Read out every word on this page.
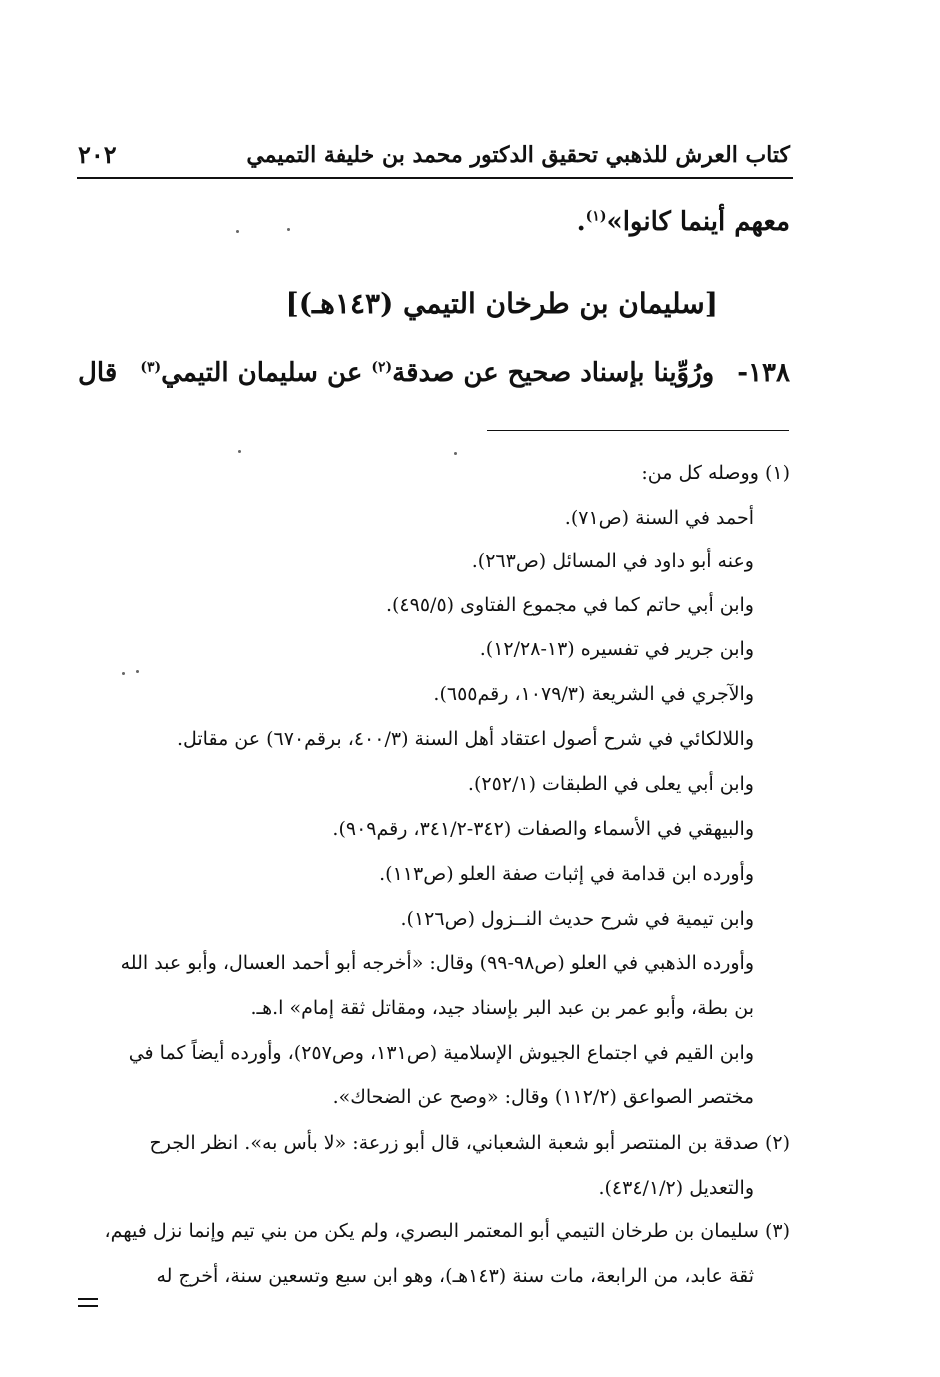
كتاب العرش للذهبي تحقيق الدكتور محمد بن خليفة التميمي
٢٠٢
معهم أينما كانوا»$^{(١)}$.
[سليمان بن طرخان التيمي (١٤٣هـ)]
١٣٨- ورُوِّينا بإسناد صحيح عن صدقة$^{(٢)}$ عن سليمان التيمي$^{(٣)}$
قال
(١) ووصله كل من:
أحمد في السنة (ص٧١).
وعنه أبو داود في المسائل (ص٢٦٣).
وابن أبي حاتم كما في مجموع الفتاوى (٤٩٥/٥).
وابن جرير في تفسيره (١٣-١٢/٢٨).
والآجري في الشريعة (١٠٧٩/٣، رقم٦٥٥).
واللالكائي في شرح أصول اعتقاد أهل السنة (٤٠٠/٣، برقم٦٧٠) عن مقاتل.
وابن أبي يعلى في الطبقات (٢٥٢/١).
والبيهقي في الأسماء والصفات (٣٤٢-٣٤١/٢، رقم٩٠٩).
وأورده ابن قدامة في إثبات صفة العلو (ص١١٣).
وابن تيمية في شرح حديث النــزول (ص١٢٦).
وأورده الذهبي في العلو (ص٩٨-٩٩) وقال: «أخرجه أبو أحمد العسال، وأبو عبد الله
بن بطة، وأبو عمر بن عبد البر بإسناد جيد، ومقاتل ثقة إمام» ا.هـ.
وابن القيم في اجتماع الجيوش الإسلامية (ص١٣١، وص٢٥٧)، وأورده أيضاً كما في
مختصر الصواعق (١١٢/٢) وقال: «وصح عن الضحاك».
(٢) صدقة بن المنتصر أبو شعبة الشعباني، قال أبو زرعة: «لا بأس به». انظر الجرح
والتعديل (٤٣٤/١/٢).
(٣) سليمان بن طرخان التيمي أبو المعتمر البصري، ولم يكن من بني تيم وإنما نزل فيهم،
ثقة عابد، من الرابعة، مات سنة (١٤٣هـ)، وهو ابن سبع وتسعين سنة، أخرج له
